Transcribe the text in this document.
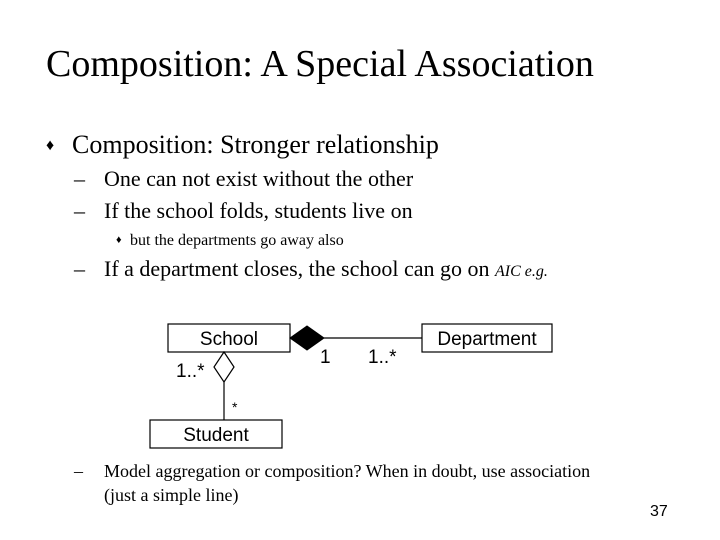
Composition: A Special Association
♦ Composition: Stronger relationship
– One can not exist without the other
– If the school folds, students live on
♦ but the departments go away also
– If a department closes, the school can go on AIC e.g.
School	Department
Student
1..*
*
1 1..*
– Model aggregation or composition? When in doubt, use association
(just a simple line)
37
